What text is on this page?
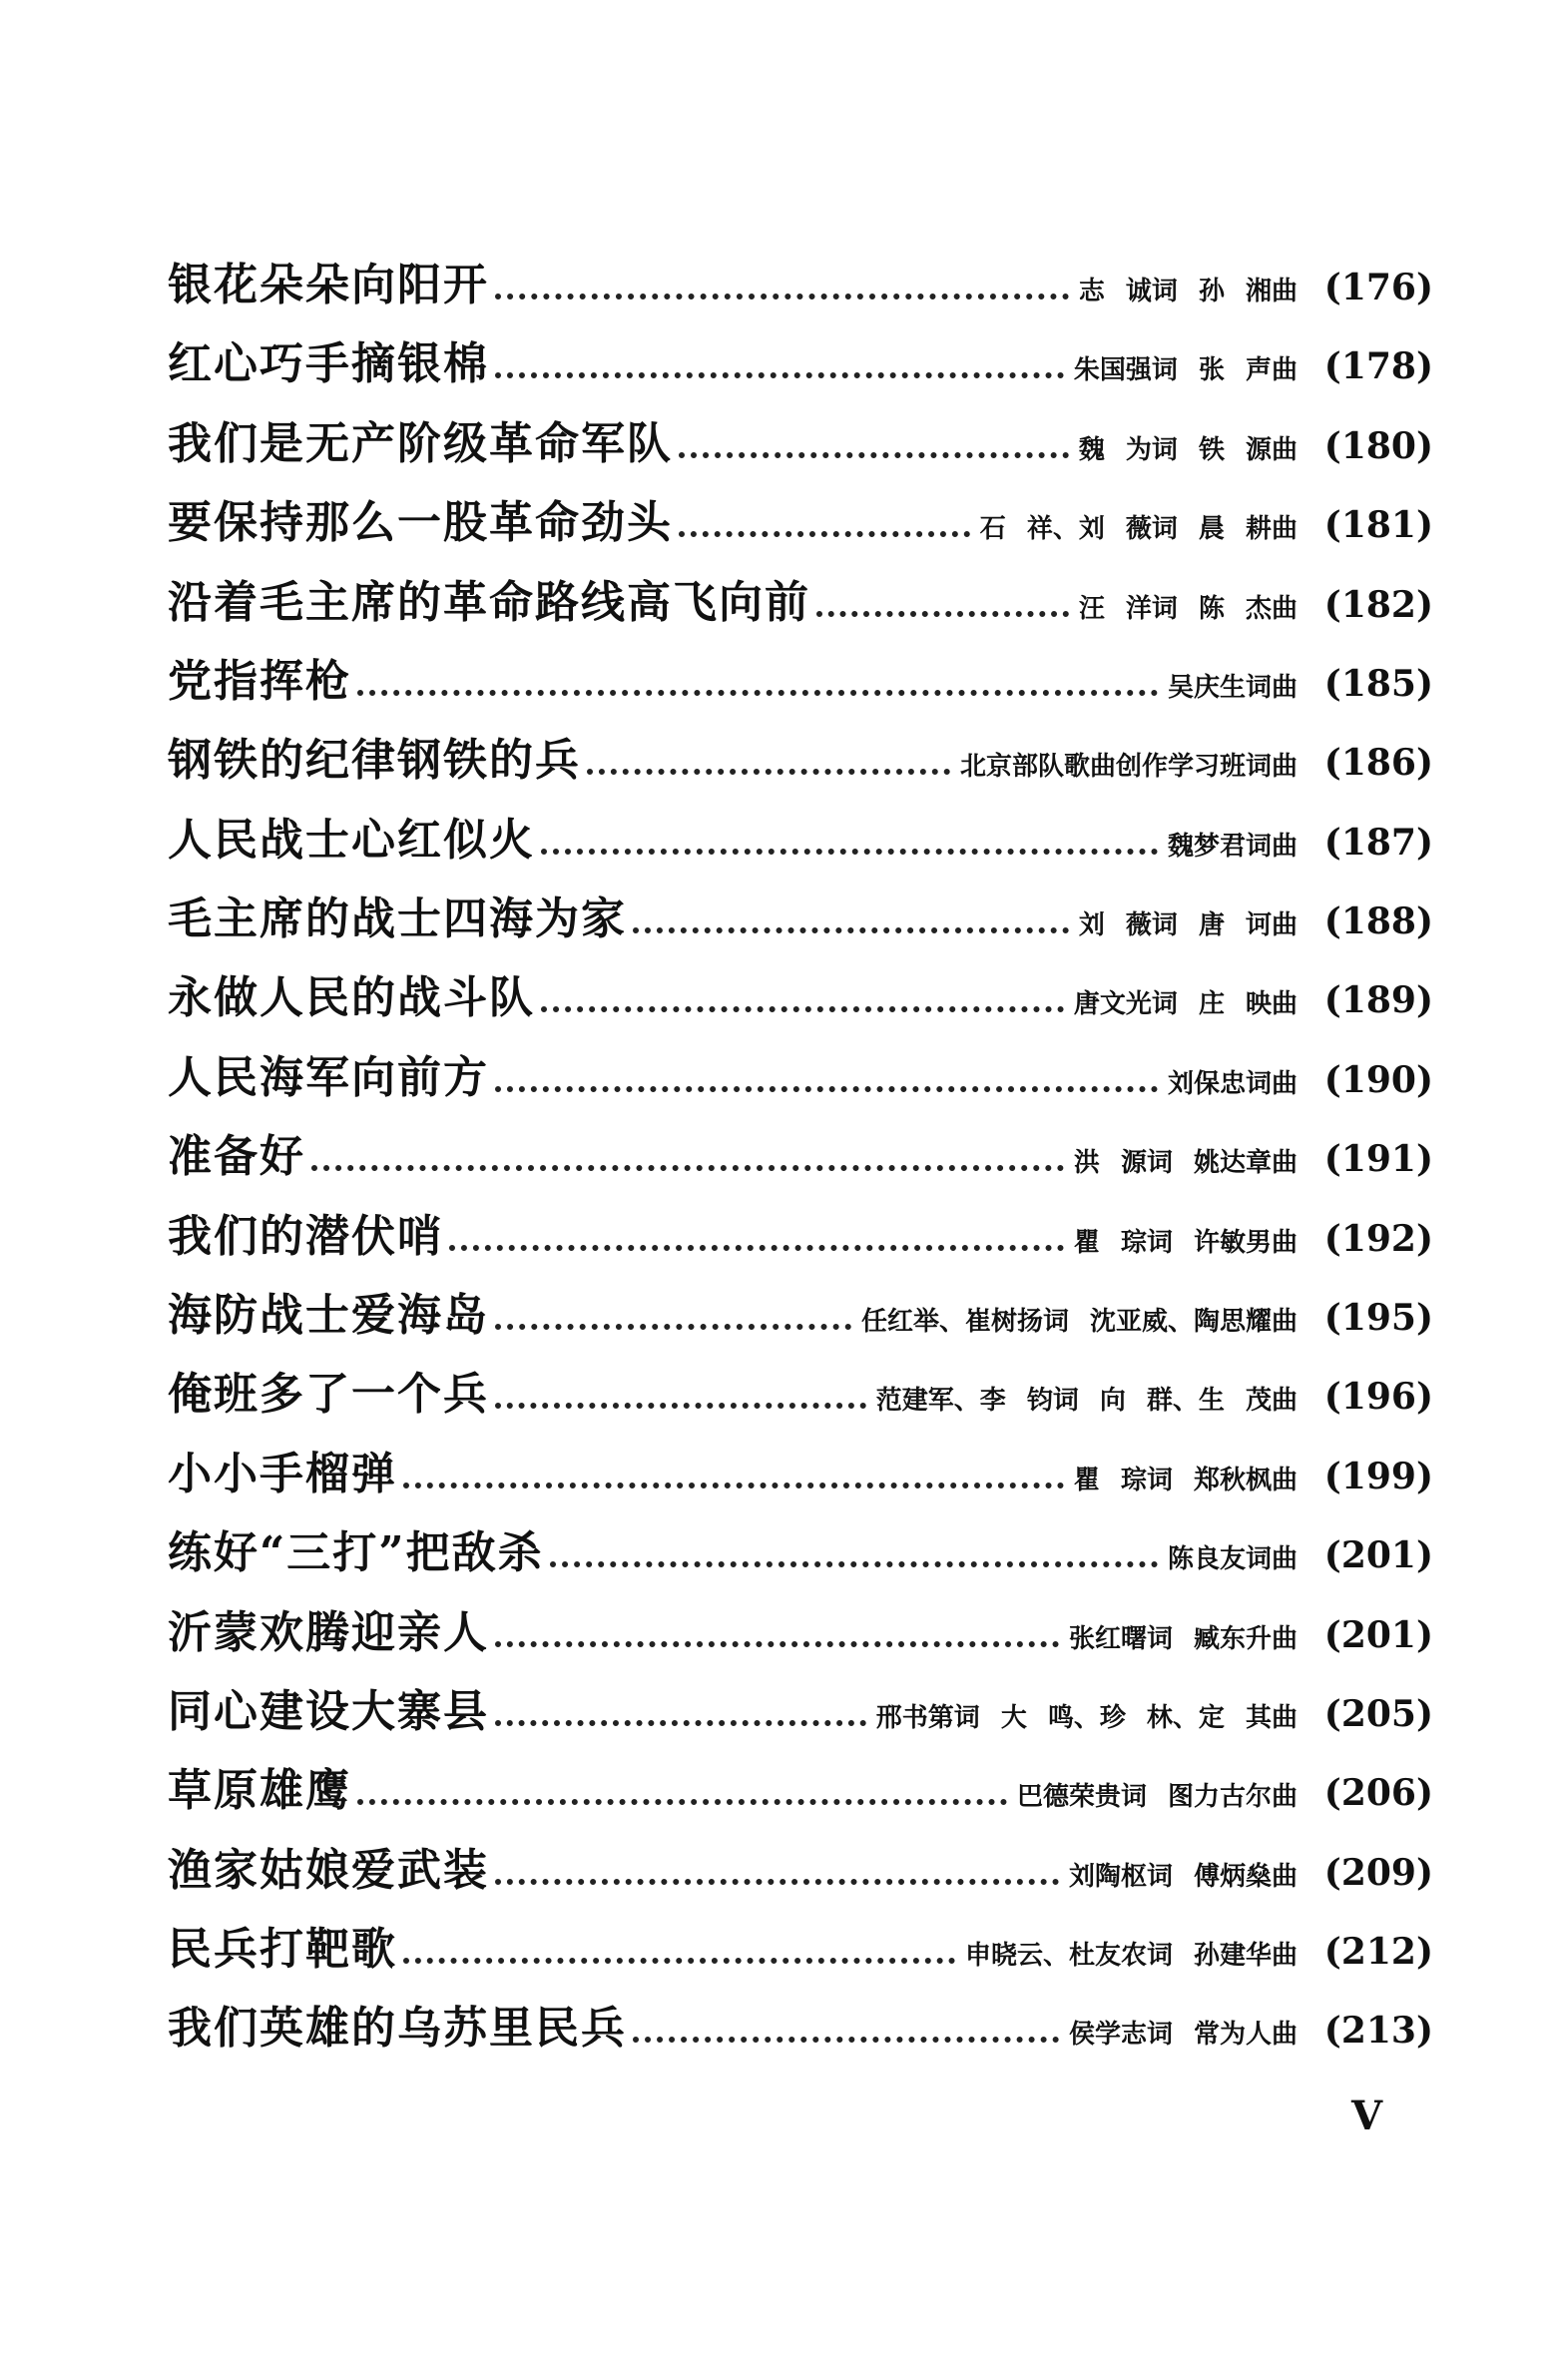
银花朵朵向阳开	志 诚词 孙 湘曲 (176)
红心巧手摘银棉	朱国强词 张 声曲 (178)
我们是无产阶级革命军队	魏 为词 铁 源曲 (180)
要保持那么一股革命劲头	石 祥、刘 薇词 晨 耕曲 (181)
沿着毛主席的革命路线高飞向前	汪 洋词 陈 杰曲 (182)
党指挥枪	吴庆生词曲 (185)
钢铁的纪律钢铁的兵	北京部队歌曲创作学习班词曲 (186)
人民战士心红似火	魏梦君词曲 (187)
毛主席的战士四海为家	刘 薇词 唐 诃曲 (188)
永做人民的战斗队	唐文光词 庄 映曲 (189)
人民海军向前方	刘保忠词曲 (190)
准备好	洪 源词 姚达章曲 (191)
我们的潜伏哨	瞿 琮词 许敏男曲 (192)
海防战士爱海岛	任红举、崔树扬词 沈亚威、陶思耀曲 (195)
俺班多了一个兵	范建军、李 钧词 向 群、生 茂曲 (196)
小小手榴弹	瞿 琮词 郑秋枫曲 (199)
练好“三打”把敌杀	陈良友词曲 (201)
沂蒙欢腾迎亲人	张红曙词 臧东升曲 (201)
同心建设大寨县	邢书第词 大 鸣、珍 林、定 其曲 (205)
草原雄鹰	巴德荣贵词 图力古尔曲 (206)
渔家姑娘爱武装	刘陶枢词 傅炳燊曲 (209)
民兵打靶歌	申晓云、杜友农词 孙建华曲 (212)
我们英雄的乌苏里民兵	侯学志词 常为人曲 (213)
Ⅴ
